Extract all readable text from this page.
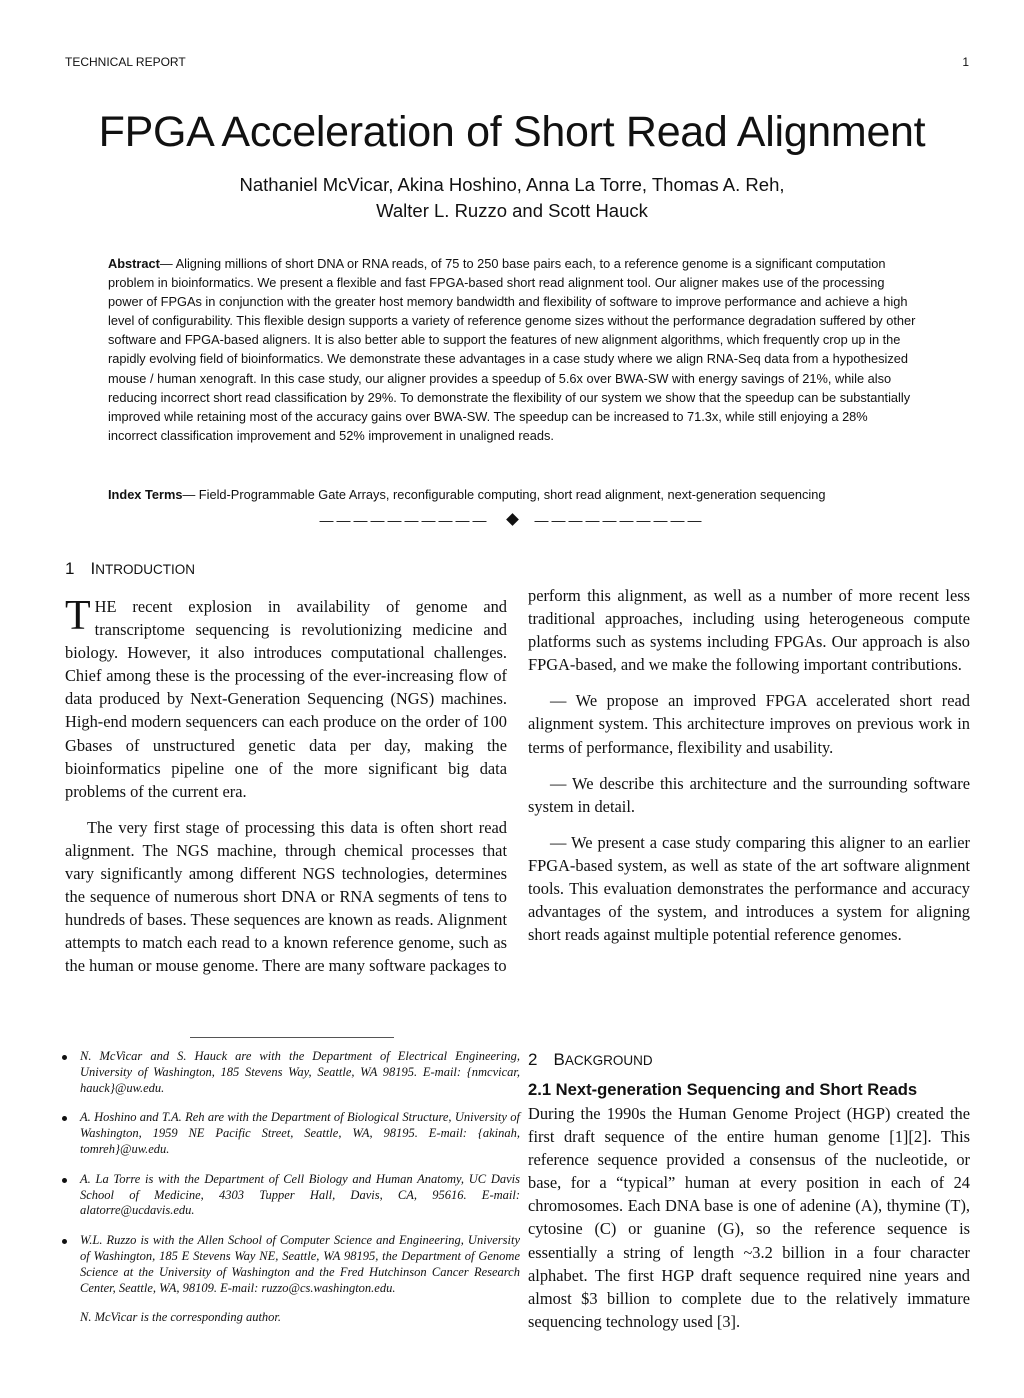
TECHNICAL REPORT	1
FPGA Acceleration of Short Read Alignment
Nathaniel McVicar, Akina Hoshino, Anna La Torre, Thomas A. Reh,
Walter L. Ruzzo and Scott Hauck
Abstract— Aligning millions of short DNA or RNA reads, of 75 to 250 base pairs each, to a reference genome is a significant computation problem in bioinformatics. We present a flexible and fast FPGA-based short read alignment tool. Our aligner makes use of the processing power of FPGAs in conjunction with the greater host memory bandwidth and flexibility of software to improve performance and achieve a high level of configurability. This flexible design supports a variety of reference genome sizes without the performance degradation suffered by other software and FPGA-based aligners. It is also better able to support the features of new alignment algorithms, which frequently crop up in the rapidly evolving field of bioinformatics. We demonstrate these advantages in a case study where we align RNA-Seq data from a hypothesized mouse / human xenograft. In this case study, our aligner provides a speedup of 5.6x over BWA-SW with energy savings of 21%, while also reducing incorrect short read classification by 29%. To demonstrate the flexibility of our system we show that the speedup can be substantially improved while retaining most of the accuracy gains over BWA-SW. The speedup can be increased to 71.3x, while still enjoying a 28% incorrect classification improvement and 52% improvement in unaligned reads.
Index Terms— Field-Programmable Gate Arrays, reconfigurable computing, short read alignment, next-generation sequencing
——————————	——————————
1 INTRODUCTION

THE recent explosion in availability of genome and transcriptome sequencing is revolutionizing medicine and biology. However, it also introduces computational challenges. Chief among these is the processing of the ever-increasing flow of data produced by Next-Generation Sequencing (NGS) machines. High-end modern sequencers can each produce on the order of 100 Gbases of unstructured genetic data per day, making the bioinformatics pipeline one of the more significant big data problems of the current era.

The very first stage of processing this data is often short read alignment. The NGS machine, through chemical processes that vary significantly among different NGS technologies, determines the sequence of numerous short DNA or RNA segments of tens to hundreds of bases. These sequences are known as reads. Alignment attempts to match each read to a known reference genome, such as the human or mouse genome. There are many software packages to

N. McVicar and S. Hauck are with the Department of Electrical Engineering, University of Washington, 185 Stevens Way, Seattle, WA 98195. E-mail: {nmcvicar, hauck}@uw.edu.
A. Hoshino and T.A. Reh are with the Department of Biological Structure, University of Washington, 1959 NE Pacific Street, Seattle, WA, 98195. E-mail: {akinah, tomreh}@uw.edu.
A. La Torre is with the Department of Cell Biology and Human Anatomy, UC Davis School of Medicine, 4303 Tupper Hall, Davis, CA, 95616. E-mail: alatorre@ucdavis.edu.
W.L. Ruzzo is with the Allen School of Computer Science and Engineering, University of Washington, 185 E Stevens Way NE, Seattle, WA 98195, the Department of Genome Science at the University of Washington and the Fred Hutchinson Cancer Research Center, Seattle, WA, 98109. E-mail: ruzzo@cs.washington.edu.
N. McVicar is the corresponding author.

perform this alignment, as well as a number of more recent less traditional approaches, including using heterogeneous compute platforms such as systems including FPGAs. Our approach is also FPGA-based, and we make the following important contributions.

— We propose an improved FPGA accelerated short read alignment system. This architecture improves on previous work in terms of performance, flexibility and usability.

— We describe this architecture and the surrounding software system in detail.

— We present a case study comparing this aligner to an earlier FPGA-based system, as well as state of the art software alignment tools. This evaluation demonstrates the performance and accuracy advantages of the system, and introduces a system for aligning short reads against multiple potential reference genomes.

2 BACKGROUND
2.1 Next-generation Sequencing and Short Reads

During the 1990s the Human Genome Project (HGP) created the first draft sequence of the entire human genome [1][2]. This reference sequence provided a consensus of the nucleotide, or base, for a “typical” human at every position in each of 24 chromosomes. Each DNA base is one of adenine (A), thymine (T), cytosine (C) or guanine (G), so the reference sequence is essentially a string of length ~3.2 billion in a four character alphabet. The first HGP draft sequence required nine years and almost $3 billion to complete due to the relatively immature sequencing technology used [3].
